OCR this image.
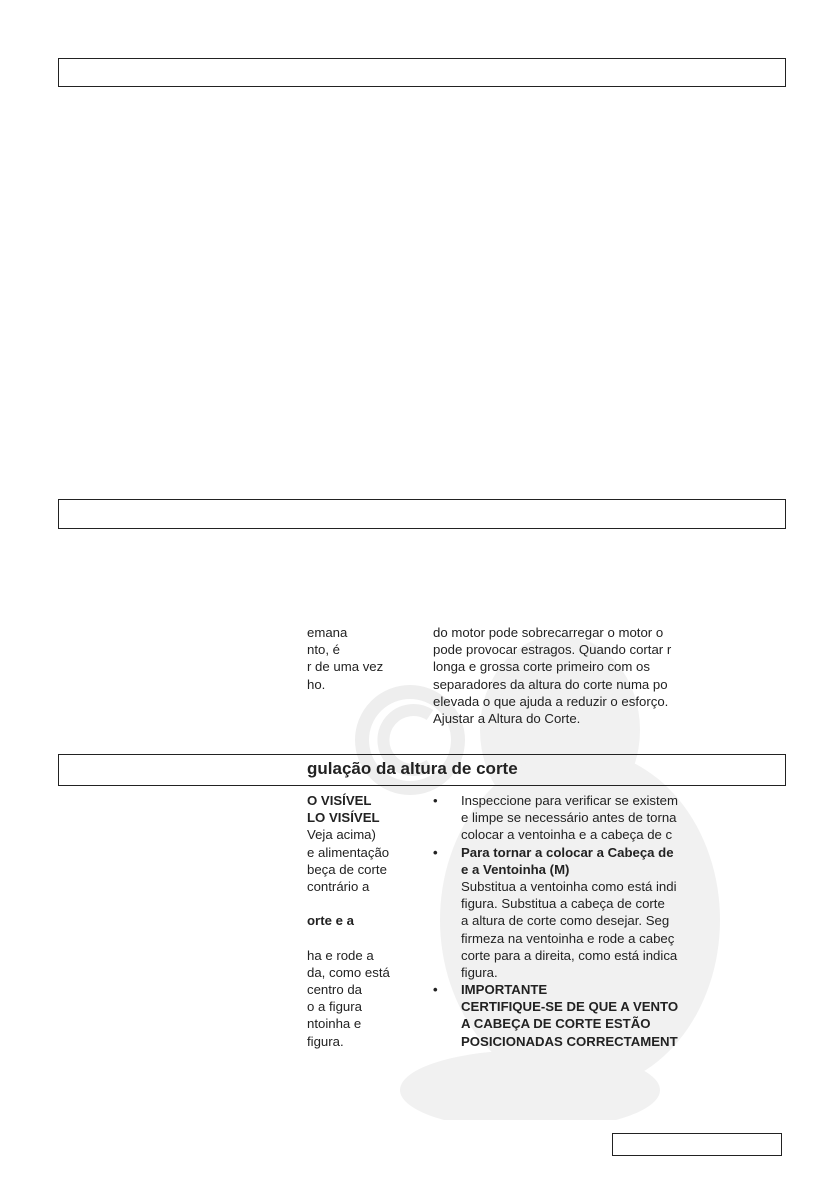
gulação da altura de corte
emana
nto, é
r de uma vez
ho.
do motor pode sobrecarregar o motor o
pode provocar estragos. Quando cortar r
longa e grossa corte primeiro com os
separadores da altura do corte numa po
elevada o que ajuda a reduzir o esforço.
Ajustar a Altura do Corte.
O VISÍVEL
LO VISÍVEL
Veja acima)
e alimentação
beça de corte
contrário a
orte e a
ha e rode a
da, como está
centro da
o a figura
ntoinha e
figura.
•	Inspeccione para verificar se existem
e limpe se necessário antes de torna
colocar a ventoinha e a cabeça de c
•	Para tornar a colocar a Cabeça de
e a Ventoinha (M)
Substitua a ventoinha como está indi
figura. Substitua a cabeça de corte
a altura de corte como desejar. Seg
firmeza na ventoinha e rode a cabeç
corte para a direita, como está indica
figura.
•	IMPORTANTE
CERTIFIQUE-SE DE QUE A VENTO
A CABEÇA DE CORTE ESTÃO
POSICIONADAS CORRECTAMENT
